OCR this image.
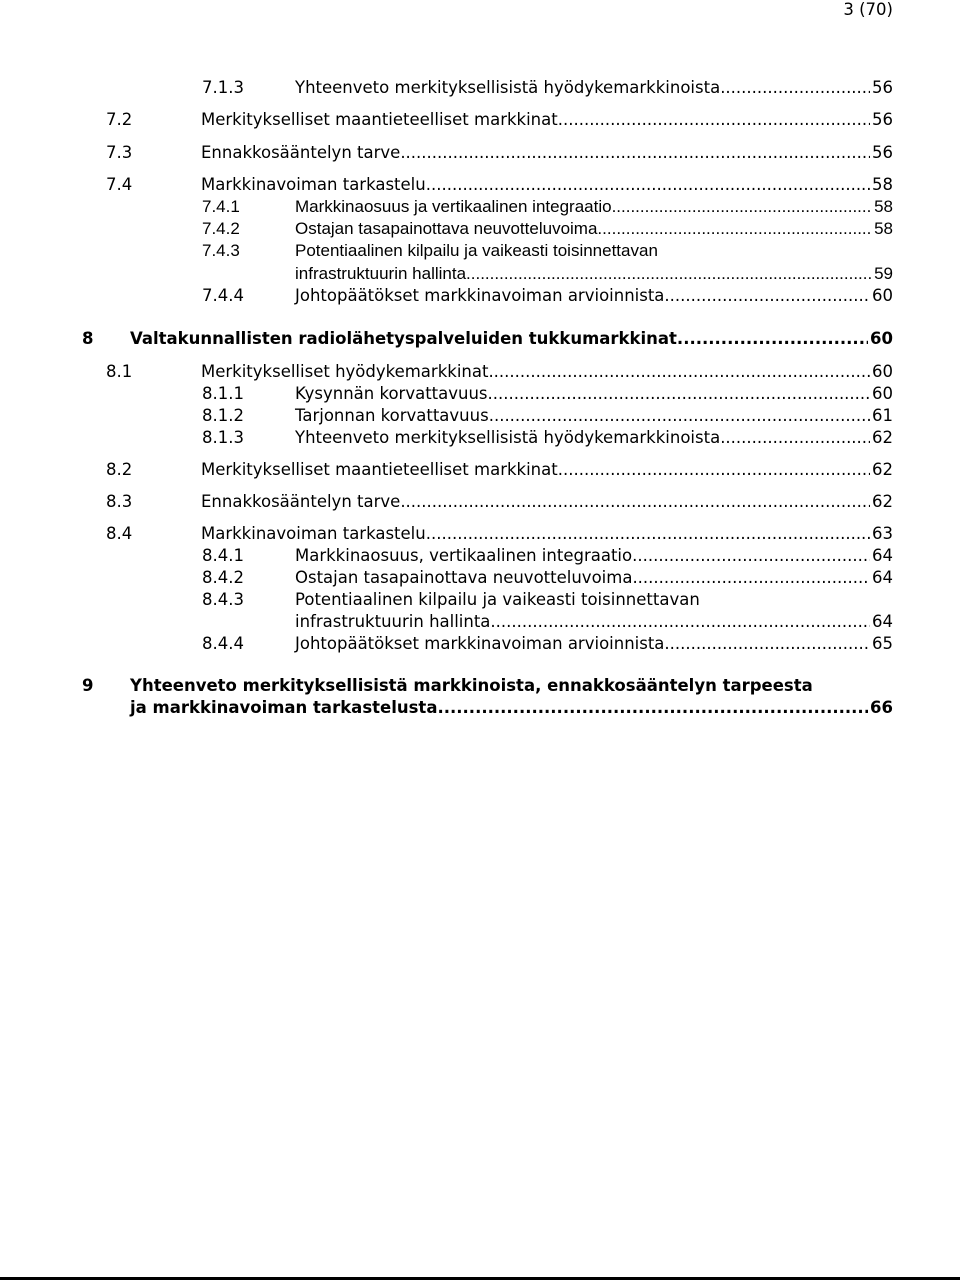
3 (70)
7.1.3	Yhteenveto merkityksellisistä hyödykemarkkinoista .....	56
7.2	Merkitykselliset maantieteelliset markkinat .....	56
7.3	Ennakkosääntelyn tarve .....	56
7.4	Markkinavoiman tarkastelu .....	58
7.4.1	Markkinaosuus ja vertikaalinen integraatio .....	58
7.4.2	Ostajan tasapainottava neuvotteluvoima .....	58
7.4.3	Potentiaalinen kilpailu ja vaikeasti toisinnettavan
infrastruktuurin hallinta .....	59
7.4.4	Johtopäätökset markkinavoiman arvioinnista .....	60
8 Valtakunnallisten radiolähetyspalveluiden tukkumarkkinat .....	60
8.1	Merkitykselliset hyödykemarkkinat .....	60
8.1.1	Kysynnän korvattavuus .....	60
8.1.2	Tarjonnan korvattavuus .....	61
8.1.3	Yhteenveto merkityksellisistä hyödykemarkkinoista .....	62
8.2	Merkitykselliset maantieteelliset markkinat .....	62
8.3	Ennakkosääntelyn tarve .....	62
8.4	Markkinavoiman tarkastelu .....	63
8.4.1	Markkinaosuus, vertikaalinen integraatio .....	64
8.4.2	Ostajan tasapainottava neuvotteluvoima .....	64
8.4.3	Potentiaalinen kilpailu ja vaikeasti toisinnettavan
infrastruktuurin hallinta .....	64
8.4.4	Johtopäätökset markkinavoiman arvioinnista .....	65
9 Yhteenveto merkityksellisistä markkinoista, ennakkosääntelyn tarpeesta
ja markkinavoiman tarkastelusta .....	66
